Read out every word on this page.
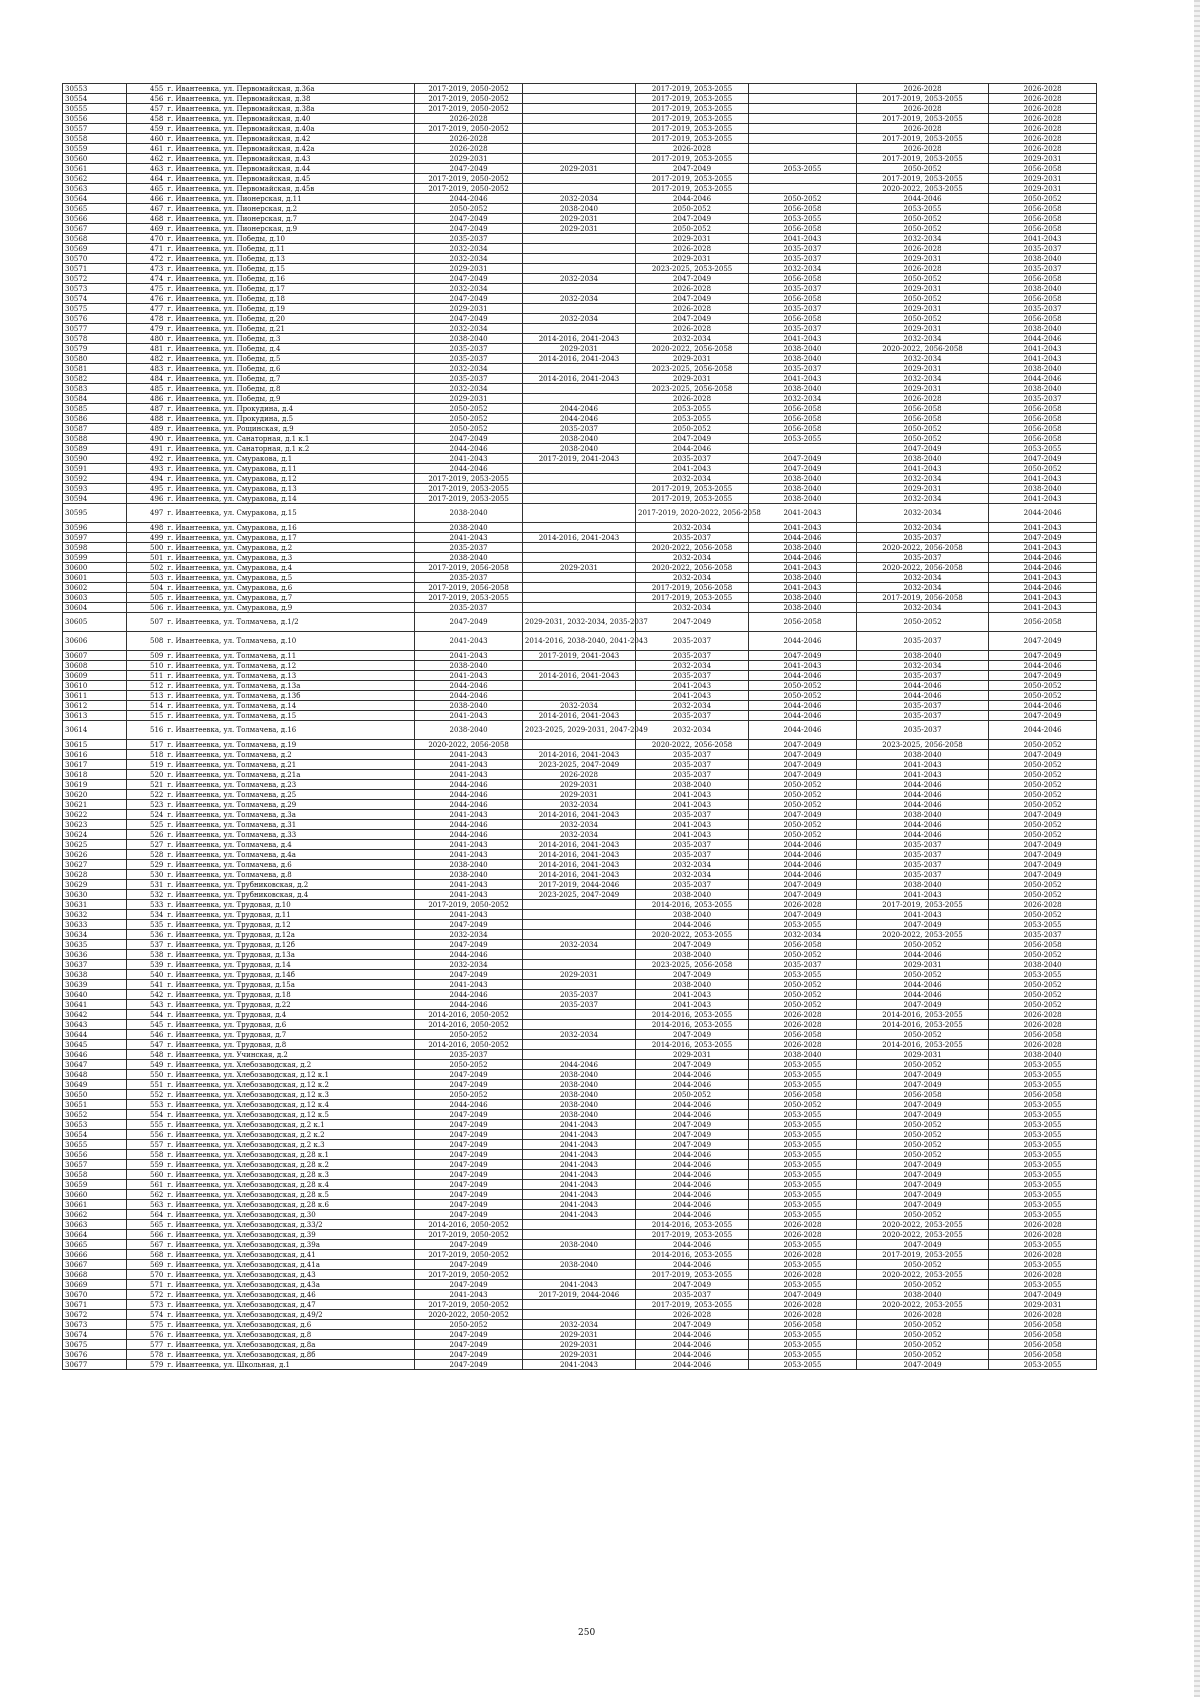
30553	455	г. Ивантеевка, ул. Первомайская, д.36а	2017-2019, 2050-2052		2017-2019, 2053-2055		2026-2028	2026-2028
30554	456	г. Ивантеевка, ул. Первомайская, д.38	2017-2019, 2050-2052		2017-2019, 2053-2055		2017-2019, 2053-2055	2026-2028
30555	457	г. Ивантеевка, ул. Первомайская, д.38а	2017-2019, 2050-2052		2017-2019, 2053-2055		2026-2028	2026-2028
30556	458	г. Ивантеевка, ул. Первомайская, д.40	2026-2028		2017-2019, 2053-2055		2017-2019, 2053-2055	2026-2028
30557	459	г. Ивантеевка, ул. Первомайская, д.40а	2017-2019, 2050-2052		2017-2019, 2053-2055		2026-2028	2026-2028
30558	460	г. Ивантеевка, ул. Первомайская, д.42	2026-2028		2017-2019, 2053-2055		2017-2019, 2053-2055	2026-2028
30559	461	г. Ивантеевка, ул. Первомайская, д.42а	2026-2028		2026-2028		2026-2028	2026-2028
30560	462	г. Ивантеевка, ул. Первомайская, д.43	2029-2031		2017-2019, 2053-2055		2017-2019, 2053-2055	2029-2031
30561	463	г. Ивантеевка, ул. Первомайская, д.44	2047-2049	2029-2031	2047-2049	2053-2055	2050-2052	2056-2058
30562	464	г. Ивантеевка, ул. Первомайская, д.45	2017-2019, 2050-2052		2017-2019, 2053-2055		2017-2019, 2053-2055	2029-2031
30563	465	г. Ивантеевка, ул. Первомайская, д.45в	2017-2019, 2050-2052		2017-2019, 2053-2055		2020-2022, 2053-2055	2029-2031
30564	466	г. Ивантеевка, ул. Пионерская, д.11	2044-2046	2032-2034	2044-2046	2050-2052	2044-2046	2050-2052
30565	467	г. Ивантеевка, ул. Пионерская, д.2	2050-2052	2038-2040	2050-2052	2056-2058	2053-2055	2056-2058
30566	468	г. Ивантеевка, ул. Пионерская, д.7	2047-2049	2029-2031	2047-2049	2053-2055	2050-2052	2056-2058
30567	469	г. Ивантеевка, ул. Пионерская, д.9	2047-2049	2029-2031	2050-2052	2056-2058	2050-2052	2056-2058
30568	470	г. Ивантеевка, ул. Победы, д.10	2035-2037		2029-2031	2041-2043	2032-2034	2041-2043
30569	471	г. Ивантеевка, ул. Победы, д.11	2032-2034		2026-2028	2035-2037	2026-2028	2035-2037
30570	472	г. Ивантеевка, ул. Победы, д.13	2032-2034		2029-2031	2035-2037	2029-2031	2038-2040
30571	473	г. Ивантеевка, ул. Победы, д.15	2029-2031		2023-2025, 2053-2055	2032-2034	2026-2028	2035-2037
30572	474	г. Ивантеевка, ул. Победы, д.16	2047-2049	2032-2034	2047-2049	2056-2058	2050-2052	2056-2058
30573	475	г. Ивантеевка, ул. Победы, д.17	2032-2034		2026-2028	2035-2037	2029-2031	2038-2040
30574	476	г. Ивантеевка, ул. Победы, д.18	2047-2049	2032-2034	2047-2049	2056-2058	2050-2052	2056-2058
30575	477	г. Ивантеевка, ул. Победы, д.19	2029-2031		2026-2028	2035-2037	2029-2031	2035-2037
30576	478	г. Ивантеевка, ул. Победы, д.20	2047-2049	2032-2034	2047-2049	2056-2058	2050-2052	2056-2058
30577	479	г. Ивантеевка, ул. Победы, д.21	2032-2034		2026-2028	2035-2037	2029-2031	2038-2040
30578	480	г. Ивантеевка, ул. Победы, д.3	2038-2040	2014-2016, 2041-2043	2032-2034	2041-2043	2032-2034	2044-2046
30579	481	г. Ивантеевка, ул. Победы, д.4	2035-2037	2029-2031	2020-2022, 2056-2058	2038-2040	2020-2022, 2056-2058	2041-2043
30580	482	г. Ивантеевка, ул. Победы, д.5	2035-2037	2014-2016, 2041-2043	2029-2031	2038-2040	2032-2034	2041-2043
30581	483	г. Ивантеевка, ул. Победы, д.6	2032-2034		2023-2025, 2056-2058	2035-2037	2029-2031	2038-2040
30582	484	г. Ивантеевка, ул. Победы, д.7	2035-2037	2014-2016, 2041-2043	2029-2031	2041-2043	2032-2034	2044-2046
30583	485	г. Ивантеевка, ул. Победы, д.8	2032-2034		2023-2025, 2056-2058	2038-2040	2029-2031	2038-2040
30584	486	г. Ивантеевка, ул. Победы, д.9	2029-2031		2026-2028	2032-2034	2026-2028	2035-2037
30585	487	г. Ивантеевка, ул. Прокудина, д.4	2050-2052	2044-2046	2053-2055	2056-2058	2056-2058	2056-2058
30586	488	г. Ивантеевка, ул. Прокудина, д.5	2050-2052	2044-2046	2053-2055	2056-2058	2056-2058	2056-2058
30587	489	г. Ивантеевка, ул. Рощинская, д.9	2050-2052	2035-2037	2050-2052	2056-2058	2050-2052	2056-2058
30588	490	г. Ивантеевка, ул. Санаторная, д.1 к.1	2047-2049	2038-2040	2047-2049	2053-2055	2050-2052	2056-2058
30589	491	г. Ивантеевка, ул. Санаторная, д.1 к.2	2044-2046	2038-2040	2044-2046		2047-2049	2053-2055
30590	492	г. Ивантеевка, ул. Смураковa, д.1	2041-2043	2017-2019, 2041-2043	2035-2037	2047-2049	2038-2040	2047-2049
30591	493	г. Ивантеевка, ул. Смураковa, д.11	2044-2046		2041-2043	2047-2049	2041-2043	2050-2052
30592	494	г. Ивантеевка, ул. Смураковa, д.12	2017-2019, 2053-2055		2032-2034	2038-2040	2032-2034	2041-2043
30593	495	г. Ивантеевка, ул. Смураковa, д.13	2017-2019, 2053-2055		2017-2019, 2053-2055	2038-2040	2029-2031	2038-2040
30594	496	г. Ивантеевка, ул. Смураковa, д.14	2017-2019, 2053-2055		2017-2019, 2053-2055	2038-2040	2032-2034	2041-2043
30595	497	г. Ивантеевка, ул. Смураковa, д.15	2038-2040		2017-2019, 2020-2022, 2056-2058	2041-2043	2032-2034	2044-2046
30596	498	г. Ивантеевка, ул. Смураковa, д.16	2038-2040		2032-2034	2041-2043	2032-2034	2041-2043
30597	499	г. Ивантеевка, ул. Смураковa, д.17	2041-2043	2014-2016, 2041-2043	2035-2037	2044-2046	2035-2037	2047-2049
30598	500	г. Ивантеевка, ул. Смураковa, д.2	2035-2037		2020-2022, 2056-2058	2038-2040	2020-2022, 2056-2058	2041-2043
30599	501	г. Ивантеевка, ул. Смураковa, д.3	2038-2040		2032-2034	2044-2046	2035-2037	2044-2046
30600	502	г. Ивантеевка, ул. Смураковa, д.4	2017-2019, 2056-2058	2029-2031	2020-2022, 2056-2058	2041-2043	2020-2022, 2056-2058	2044-2046
30601	503	г. Ивантеевка, ул. Смураковa, д.5	2035-2037		2032-2034	2038-2040	2032-2034	2041-2043
30602	504	г. Ивантеевка, ул. Смураковa, д.6	2017-2019, 2056-2058		2017-2019, 2056-2058	2041-2043	2032-2034	2044-2046
30603	505	г. Ивантеевка, ул. Смураковa, д.7	2017-2019, 2053-2055		2017-2019, 2053-2055	2038-2040	2017-2019, 2056-2058	2041-2043
30604	506	г. Ивантеевка, ул. Смураковa, д.9	2035-2037		2032-2034	2038-2040	2032-2034	2041-2043
30605	507	г. Ивантеевка, ул. Толмачева, д.1/2	2047-2049	2029-2031, 2032-2034, 2035-2037	2047-2049	2056-2058	2050-2052	2056-2058
30606	508	г. Ивантеевка, ул. Толмачева, д.10	2041-2043	2014-2016, 2038-2040, 2041-2043	2035-2037	2044-2046	2035-2037	2047-2049
30607	509	г. Ивантеевка, ул. Толмачева, д.11	2041-2043	2017-2019, 2041-2043	2035-2037	2047-2049	2038-2040	2047-2049
30608	510	г. Ивантеевка, ул. Толмачева, д.12	2038-2040		2032-2034	2041-2043	2032-2034	2044-2046
30609	511	г. Ивантеевка, ул. Толмачева, д.13	2041-2043	2014-2016, 2041-2043	2035-2037	2044-2046	2035-2037	2047-2049
30610	512	г. Ивантеевка, ул. Толмачева, д.13а	2044-2046		2041-2043	2050-2052	2044-2046	2050-2052
30611	513	г. Ивантеевка, ул. Толмачева, д.13б	2044-2046		2041-2043	2050-2052	2044-2046	2050-2052
30612	514	г. Ивантеевка, ул. Толмачева, д.14	2038-2040	2032-2034	2032-2034	2044-2046	2035-2037	2044-2046
30613	515	г. Ивантеевка, ул. Толмачева, д.15	2041-2043	2014-2016, 2041-2043	2035-2037	2044-2046	2035-2037	2047-2049
30614	516	г. Ивантеевка, ул. Толмачева, д.16	2038-2040	2023-2025, 2029-2031, 2047-2049	2032-2034	2044-2046	2035-2037	2044-2046
30615	517	г. Ивантеевка, ул. Толмачева, д.19	2020-2022, 2056-2058		2020-2022, 2056-2058	2047-2049	2023-2025, 2056-2058	2050-2052
30616	518	г. Ивантеевка, ул. Толмачева, д.2	2041-2043	2014-2016, 2041-2043	2035-2037	2047-2049	2038-2040	2047-2049
30617	519	г. Ивантеевка, ул. Толмачева, д.21	2041-2043	2023-2025, 2047-2049	2035-2037	2047-2049	2041-2043	2050-2052
30618	520	г. Ивантеевка, ул. Толмачева, д.21а	2041-2043	2026-2028	2035-2037	2047-2049	2041-2043	2050-2052
30619	521	г. Ивантеевка, ул. Толмачева, д.23	2044-2046	2029-2031	2038-2040	2050-2052	2044-2046	2050-2052
30620	522	г. Ивантеевка, ул. Толмачева, д.25	2044-2046	2029-2031	2041-2043	2050-2052	2044-2046	2050-2052
30621	523	г. Ивантеевка, ул. Толмачева, д.29	2044-2046	2032-2034	2041-2043	2050-2052	2044-2046	2050-2052
30622	524	г. Ивантеевка, ул. Толмачева, д.3а	2041-2043	2014-2016, 2041-2043	2035-2037	2047-2049	2038-2040	2047-2049
30623	525	г. Ивантеевка, ул. Толмачева, д.31	2044-2046	2032-2034	2041-2043	2050-2052	2044-2046	2050-2052
30624	526	г. Ивантеевка, ул. Толмачева, д.33	2044-2046	2032-2034	2041-2043	2050-2052	2044-2046	2050-2052
30625	527	г. Ивантеевка, ул. Толмачева, д.4	2041-2043	2014-2016, 2041-2043	2035-2037	2044-2046	2035-2037	2047-2049
30626	528	г. Ивантеевка, ул. Толмачева, д.4а	2041-2043	2014-2016, 2041-2043	2035-2037	2044-2046	2035-2037	2047-2049
30627	529	г. Ивантеевка, ул. Толмачева, д.6	2038-2040	2014-2016, 2041-2043	2032-2034	2044-2046	2035-2037	2047-2049
30628	530	г. Ивантеевка, ул. Толмачева, д.8	2038-2040	2014-2016, 2041-2043	2032-2034	2044-2046	2035-2037	2047-2049
30629	531	г. Ивантеевка, ул. Трубниковская, д.2	2041-2043	2017-2019, 2044-2046	2035-2037	2047-2049	2038-2040	2050-2052
30630	532	г. Ивантеевка, ул. Трубниковская, д.4	2041-2043	2023-2025, 2047-2049	2038-2040	2047-2049	2041-2043	2050-2052
30631	533	г. Ивантеевка, ул. Трудовая, д.10	2017-2019, 2050-2052		2014-2016, 2053-2055	2026-2028	2017-2019, 2053-2055	2026-2028
30632	534	г. Ивантеевка, ул. Трудовая, д.11	2041-2043		2038-2040	2047-2049	2041-2043	2050-2052
30633	535	г. Ивантеевка, ул. Трудовая, д.12	2047-2049		2044-2046	2053-2055	2047-2049	2053-2055
30634	536	г. Ивантеевка, ул. Трудовая, д.12а	2032-2034		2020-2022, 2053-2055	2032-2034	2020-2022, 2053-2055	2035-2037
30635	537	г. Ивантеевка, ул. Трудовая, д.12б	2047-2049	2032-2034	2047-2049	2056-2058	2050-2052	2056-2058
30636	538	г. Ивантеевка, ул. Трудовая, д.13а	2044-2046		2038-2040	2050-2052	2044-2046	2050-2052
30637	539	г. Ивантеевка, ул. Трудовая, д.14	2032-2034		2023-2025, 2056-2058	2035-2037	2029-2031	2038-2040
30638	540	г. Ивантеевка, ул. Трудовая, д.14б	2047-2049	2029-2031	2047-2049	2053-2055	2050-2052	2053-2055
30639	541	г. Ивантеевка, ул. Трудовая, д.15а	2041-2043		2038-2040	2050-2052	2044-2046	2050-2052
30640	542	г. Ивантеевка, ул. Трудовая, д.18	2044-2046	2035-2037	2041-2043	2050-2052	2044-2046	2050-2052
30641	543	г. Ивантеевка, ул. Трудовая, д.22	2044-2046	2035-2037	2041-2043	2050-2052	2047-2049	2050-2052
30642	544	г. Ивантеевка, ул. Трудовая, д.4	2014-2016, 2050-2052		2014-2016, 2053-2055	2026-2028	2014-2016, 2053-2055	2026-2028
30643	545	г. Ивантеевка, ул. Трудовая, д.6	2014-2016, 2050-2052		2014-2016, 2053-2055	2026-2028	2014-2016, 2053-2055	2026-2028
30644	546	г. Ивантеевка, ул. Трудовая, д.7	2050-2052	2032-2034	2047-2049	2056-2058	2050-2052	2056-2058
30645	547	г. Ивантеевка, ул. Трудовая, д.8	2014-2016, 2050-2052		2014-2016, 2053-2055	2026-2028	2014-2016, 2053-2055	2026-2028
30646	548	г. Ивантеевка, ул. Учинская, д.2	2035-2037		2029-2031	2038-2040	2029-2031	2038-2040
30647	549	г. Ивантеевка, ул. Хлебозаводская, д.2	2050-2052	2044-2046	2047-2049	2053-2055	2050-2052	2053-2055
30648	550	г. Ивантеевка, ул. Хлебозаводская, д.12 к.1	2047-2049	2038-2040	2044-2046	2053-2055	2047-2049	2053-2055
30649	551	г. Ивантеевка, ул. Хлебозаводская, д.12 к.2	2047-2049	2038-2040	2044-2046	2053-2055	2047-2049	2053-2055
30650	552	г. Ивантеевка, ул. Хлебозаводская, д.12 к.3	2050-2052	2038-2040	2050-2052	2056-2058	2056-2058	2056-2058
30651	553	г. Ивантеевка, ул. Хлебозаводская, д.12 к.4	2044-2046	2038-2040	2044-2046	2050-2052	2047-2049	2053-2055
30652	554	г. Ивантеевка, ул. Хлебозаводская, д.12 к.5	2047-2049	2038-2040	2044-2046	2053-2055	2047-2049	2053-2055
30653	555	г. Ивантеевка, ул. Хлебозаводская, д.2 к.1	2047-2049	2041-2043	2047-2049	2053-2055	2050-2052	2053-2055
30654	556	г. Ивантеевка, ул. Хлебозаводская, д.2 к.2	2047-2049	2041-2043	2047-2049	2053-2055	2050-2052	2053-2055
30655	557	г. Ивантеевка, ул. Хлебозаводская, д.2 к.3	2047-2049	2041-2043	2047-2049	2053-2055	2050-2052	2053-2055
30656	558	г. Ивантеевка, ул. Хлебозаводская, д.28 к.1	2047-2049	2041-2043	2044-2046	2053-2055	2050-2052	2053-2055
30657	559	г. Ивантеевка, ул. Хлебозаводская, д.28 к.2	2047-2049	2041-2043	2044-2046	2053-2055	2047-2049	2053-2055
30658	560	г. Ивантеевка, ул. Хлебозаводская, д.28 к.3	2047-2049	2041-2043	2044-2046	2053-2055	2047-2049	2053-2055
30659	561	г. Ивантеевка, ул. Хлебозаводская, д.28 к.4	2047-2049	2041-2043	2044-2046	2053-2055	2047-2049	2053-2055
30660	562	г. Ивантеевка, ул. Хлебозаводская, д.28 к.5	2047-2049	2041-2043	2044-2046	2053-2055	2047-2049	2053-2055
30661	563	г. Ивантеевка, ул. Хлебозаводская, д.28 к.6	2047-2049	2041-2043	2044-2046	2053-2055	2047-2049	2053-2055
30662	564	г. Ивантеевка, ул. Хлебозаводская, д.30	2047-2049	2041-2043	2044-2046	2053-2055	2050-2052	2053-2055
30663	565	г. Ивантеевка, ул. Хлебозаводская, д.33/2	2014-2016, 2050-2052		2014-2016, 2053-2055	2026-2028	2020-2022, 2053-2055	2026-2028
30664	566	г. Ивантеевка, ул. Хлебозаводская, д.39	2017-2019, 2050-2052		2017-2019, 2053-2055	2026-2028	2020-2022, 2053-2055	2026-2028
30665	567	г. Ивантеевка, ул. Хлебозаводская, д.39а	2047-2049	2038-2040	2044-2046	2053-2055	2047-2049	2053-2055
30666	568	г. Ивантеевка, ул. Хлебозаводская, д.41	2017-2019, 2050-2052		2014-2016, 2053-2055	2026-2028	2017-2019, 2053-2055	2026-2028
30667	569	г. Ивантеевка, ул. Хлебозаводская, д.41а	2047-2049	2038-2040	2044-2046	2053-2055	2050-2052	2053-2055
30668	570	г. Ивантеевка, ул. Хлебозаводская, д.43	2017-2019, 2050-2052		2017-2019, 2053-2055	2026-2028	2020-2022, 2053-2055	2026-2028
30669	571	г. Ивантеевка, ул. Хлебозаводская, д.43а	2047-2049	2041-2043	2047-2049	2053-2055	2050-2052	2053-2055
30670	572	г. Ивантеевка, ул. Хлебозаводская, д.46	2041-2043	2017-2019, 2044-2046	2035-2037	2047-2049	2038-2040	2047-2049
30671	573	г. Ивантеевка, ул. Хлебозаводская, д.47	2017-2019, 2050-2052		2017-2019, 2053-2055	2026-2028	2020-2022, 2053-2055	2029-2031
30672	574	г. Ивантеевка, ул. Хлебозаводская, д.49/2	2020-2022, 2050-2052		2026-2028	2026-2028	2026-2028	2026-2028
30673	575	г. Ивантеевка, ул. Хлебозаводская, д.6	2050-2052	2032-2034	2047-2049	2056-2058	2050-2052	2056-2058
30674	576	г. Ивантеевка, ул. Хлебозаводская, д.8	2047-2049	2029-2031	2044-2046	2053-2055	2050-2052	2056-2058
30675	577	г. Ивантеевка, ул. Хлебозаводская, д.8а	2047-2049	2029-2031	2044-2046	2053-2055	2050-2052	2056-2058
30676	578	г. Ивантеевка, ул. Хлебозаводская, д.8б	2047-2049	2029-2031	2044-2046	2053-2055	2050-2052	2056-2058
30677	579	г. Ивантеевка, ул. Школьная, д.1	2047-2049	2041-2043	2044-2046	2053-2055	2047-2049	2053-2055
250
